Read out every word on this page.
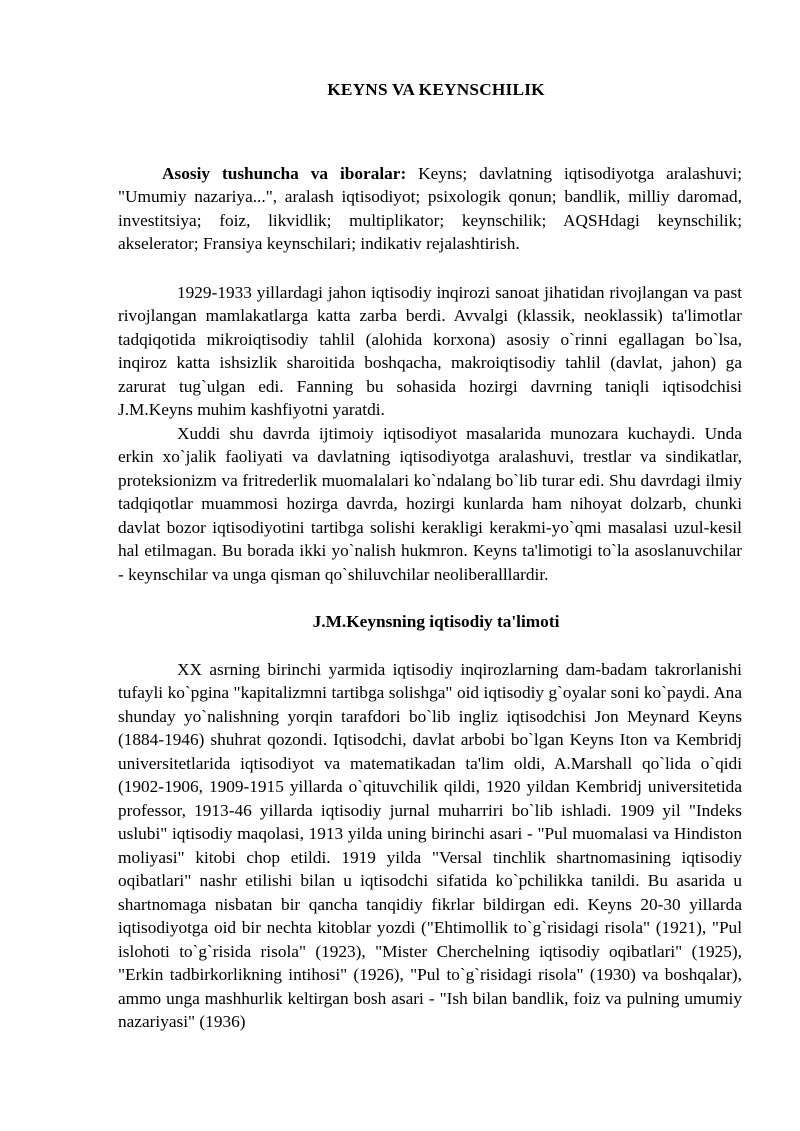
KEYNS VA KEYNSCHILIK

Asosiy tushuncha va iboralar: Keyns; davlatning iqtisodiyotga aralashuvi; "Umumiy nazariya...", aralash iqtisodiyot; psixologik qonun; bandlik, milliy daromad, investitsiya; foiz, likvidlik; multiplikator; keynschilik; AQSHdagi keynschilik; akselerator; Fransiya keynschilari; indikativ rejalashtirish.

1929-1933 yillardagi jahon iqtisodiy inqirozi sanoat jihatidan rivojlangan va past rivojlangan mamlakatlarga katta zarba berdi. Avvalgi (klassik, neoklassik) ta'limotlar tadqiqotida mikroiqtisodiy tahlil (alohida korxona) asosiy o`rinni egallagan bo`lsa, inqiroz katta ishsizlik sharoitida boshqacha, makroiqtisodiy tahlil (davlat, jahon) ga zarurat tug`ulgan edi. Fanning bu sohasida hozirgi davrning taniqli iqtisodchisi J.M.Keyns muhim kashfiyotni yaratdi.

Xuddi shu davrda ijtimoiy iqtisodiyot masalarida munozara kuchaydi. Unda erkin xo`jalik faoliyati va davlatning iqtisodiyotga aralashuvi, trestlar va sindikatlar, proteksionizm va fritrederlik muomalalari ko`ndalang bo`lib turar edi. Shu davrdagi ilmiy tadqiqotlar muammosi hozirga davrda, hozirgi kunlarda ham nihoyat dolzarb, chunki davlat bozor iqtisodiyotini tartibga solishi kerakligi kerakmi-yo`qmi masalasi uzul-kesil hal etilmagan. Bu borada ikki yo`nalish hukmron. Keyns ta'limotigi to`la asoslanuvchilar - keynschilar va unga qisman qo`shiluvchilar neoliberalllardir.

J.M.Keynsning iqtisodiy ta'limoti

XX asrning birinchi yarmida iqtisodiy inqirozlarning dam-badam takrorlanishi tufayli ko`pgina "kapitalizmni tartibga solishga" oid iqtisodiy g`oyalar soni ko`paydi. Ana shunday yo`nalishning yorqin tarafdori bo`lib ingliz iqtisodchisi Jon Meynard Keyns (1884-1946) shuhrat qozondi. Iqtisodchi, davlat arbobi bo`lgan Keyns Iton va Kembridj universitetlarida iqtisodiyot va matematikadan ta'lim oldi, A.Marshall qo`lida o`qidi (1902-1906, 1909-1915 yillarda o`qituvchilik qildi, 1920 yildan Kembridj universitetida professor, 1913-46 yillarda iqtisodiy jurnal muharriri bo`lib ishladi. 1909 yil "Indeks uslubi" iqtisodiy maqolasi, 1913 yilda uning birinchi asari - "Pul muomalasi va Hindiston moliyasi" kitobi chop etildi. 1919 yilda "Versal tinchlik shartnomasining iqtisodiy oqibatlari" nashr etilishi bilan u iqtisodchi sifatida ko`pchilikka tanildi. Bu asarida u shartnomaga nisbatan bir qancha tanqidiy fikrlar bildirgan edi. Keyns 20-30 yillarda iqtisodiyotga oid bir nechta kitoblar yozdi ("Ehtimollik to`g`risidagi risola" (1921), "Pul islohoti to`g`risida risola" (1923), "Mister Cherchelning iqtisodiy oqibatlari" (1925), "Erkin tadbirkorlikning intihosi" (1926), "Pul to`g`risidagi risola" (1930) va boshqalar), ammo unga mashhurlik keltirgan bosh asari - "Ish bilan bandlik, foiz va pulning umumiy nazariyasi" (1936)
